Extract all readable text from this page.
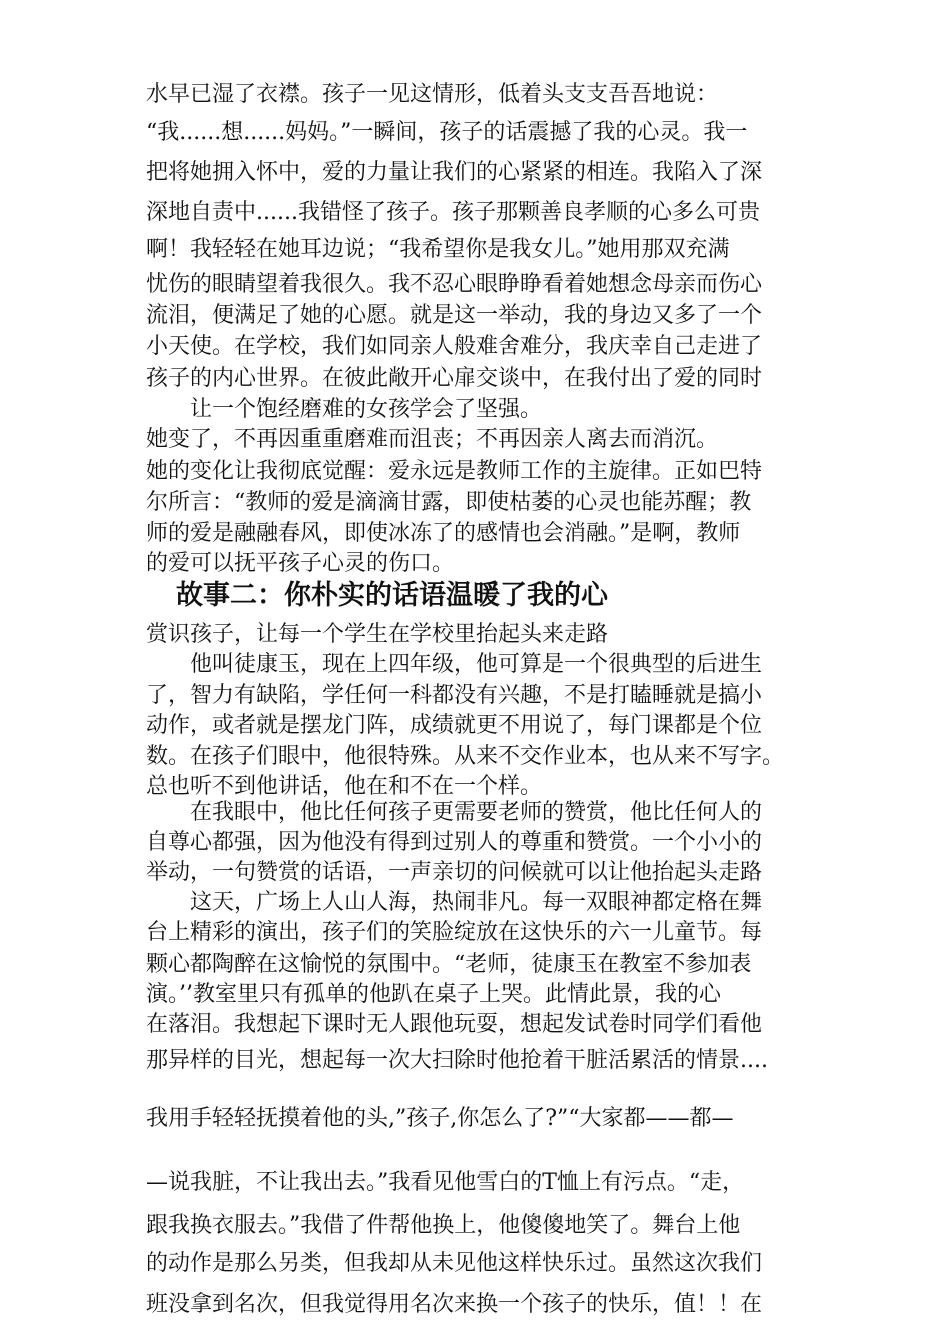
水早已湿了衣襟。孩子一见这情形，低着头支支吾吾地说：
“我......想......妈妈。”一瞬间，孩子的话震撼了我的心灵。我一
把将她拥入怀中，爱的力量让我们的心紧紧的相连。我陷入了深
深地自责中......我错怪了孩子。孩子那颗善良孝顺的心多么可贵
啊！我轻轻在她耳边说；“我希望你是我女儿。”她用那双充满
忧伤的眼睛望着我很久。我不忍心眼睁睁看着她想念母亲而伤心
流泪，便满足了她的心愿。就是这一举动，我的身边又多了一个
小天使。在学校，我们如同亲人般难舍难分，我庆幸自己走进了
孩子的内心世界。在彼此敞开心扉交谈中，在我付出了爱的同时
让一个饱经磨难的女孩学会了坚强。
她变了，不再因重重磨难而沮丧；不再因亲人离去而消沉。
她的变化让我彻底觉醒：爱永远是教师工作的主旋律。正如巴特
尔所言：“教师的爱是滴滴甘露，即使枯萎的心灵也能苏醒；教
师的爱是融融春风，即使冰冻了的感情也会消融。”是啊，教师
的爱可以抚平孩子心灵的伤口。
故事二：你朴实的话语温暖了我的心
赏识孩子，让每一个学生在学校里抬起头来走路
他叫徒康玉，现在上四年级，他可算是一个很典型的后进生
了，智力有缺陷，学任何一科都没有兴趣，不是打瞌睡就是搞小
动作，或者就是摆龙门阵，成绩就更不用说了，每门课都是个位
数。在孩子们眼中，他很特殊。从来不交作业本，也从来不写字。
总也听不到他讲话，他在和不在一个样。
在我眼中，他比任何孩子更需要老师的赞赏，他比任何人的
自尊心都强，因为他没有得到过别人的尊重和赞赏。一个小小的
举动，一句赞赏的话语，一声亲切的问候就可以让他抬起头走路
这天，广场上人山人海，热闹非凡。每一双眼神都定格在舞
台上精彩的演出，孩子们的笑脸绽放在这快乐的六一儿童节。每
颗心都陶醉在这愉悦的氛围中。“老师，徒康玉在教室不参加表
演。’’教室里只有孤单的他趴在桌子上哭。此情此景，我的心
在落泪。我想起下课时无人跟他玩耍，想起发试卷时同学们看他
那异样的目光，想起每一次大扫除时他抢着干脏活累活的情景....
我用手轻轻抚摸着他的头,”孩子,你怎么了?”“大家都——都—
—说我脏，不让我出去。”我看见他雪白的T恤上有污点。“走，
跟我换衣服去。”我借了件帮他换上，他傻傻地笑了。舞台上他
的动作是那么另类，但我却从未见他这样快乐过。虽然这次我们
班没拿到名次，但我觉得用名次来换一个孩子的快乐，值！！在
